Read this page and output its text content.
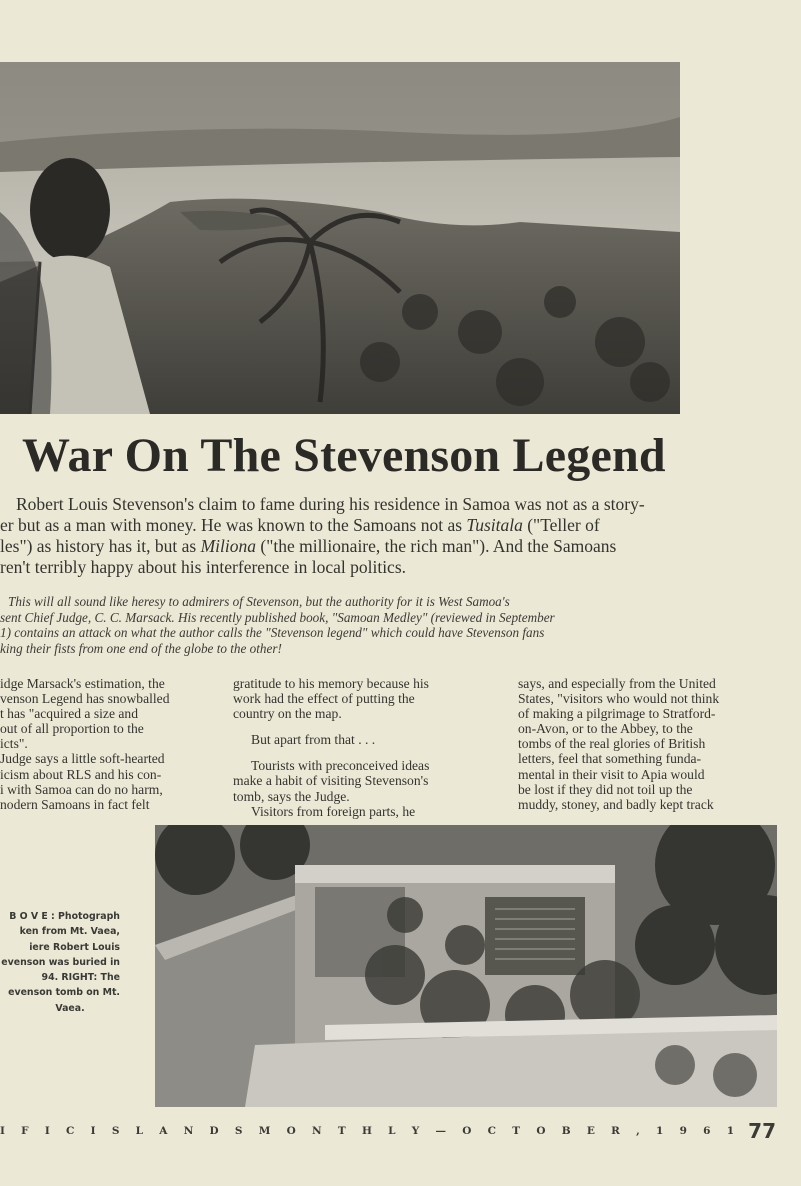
War On The Stevenson Legend

Robert Louis Stevenson's claim to fame during his residence in Samoa was not as a story-

er but as a man with money. He was known to the Samoans not as Tusitala ("Teller of

les") as history has it, but as Miliona ("the millionaire, the rich man"). And the Samoans

ren't terribly happy about his interference in local politics.

This will all sound like heresy to admirers of Stevenson, but the authority for it is West Samoa's

sent Chief Judge, C. C. Marsack. His recently published book, "Samoan Medley" (reviewed in September

1) contains an attack on what the author calls the "Stevenson legend" which could have Stevenson fans

king their fists from one end of the globe to the other!

idge Marsack's estimation, the

venson Legend has snowballed

t has "acquired a size and

out of all proportion to the

icts".

Judge says a little soft-hearted

icism about RLS and his con-

i with Samoa can do no harm,

nodern Samoans in fact felt

gratitude to his memory because his

work had the effect of putting the

country on the map.

But apart from that . . .

Tourists with preconceived ideas

make a habit of visiting Stevenson's

tomb, says the Judge.

Visitors from foreign parts, he

says, and especially from the United

States, "visitors who would not think

of making a pilgrimage to Stratford-

on-Avon, or to the Abbey, to the

tombs of the real glories of British

letters, feel that something funda-

mental in their visit to Apia would

be lost if they did not toil up the

muddy, stoney, and badly kept track

B O V E : Photograph
ken from Mt. Vaea,
iere Robert Louis
evenson was buried in
94. RIGHT: The
evenson tomb on Mt.
Vaea.
I F I C I S L A N D S M O N T H L Y — O C T O B E R , 1 9 6 1 77
